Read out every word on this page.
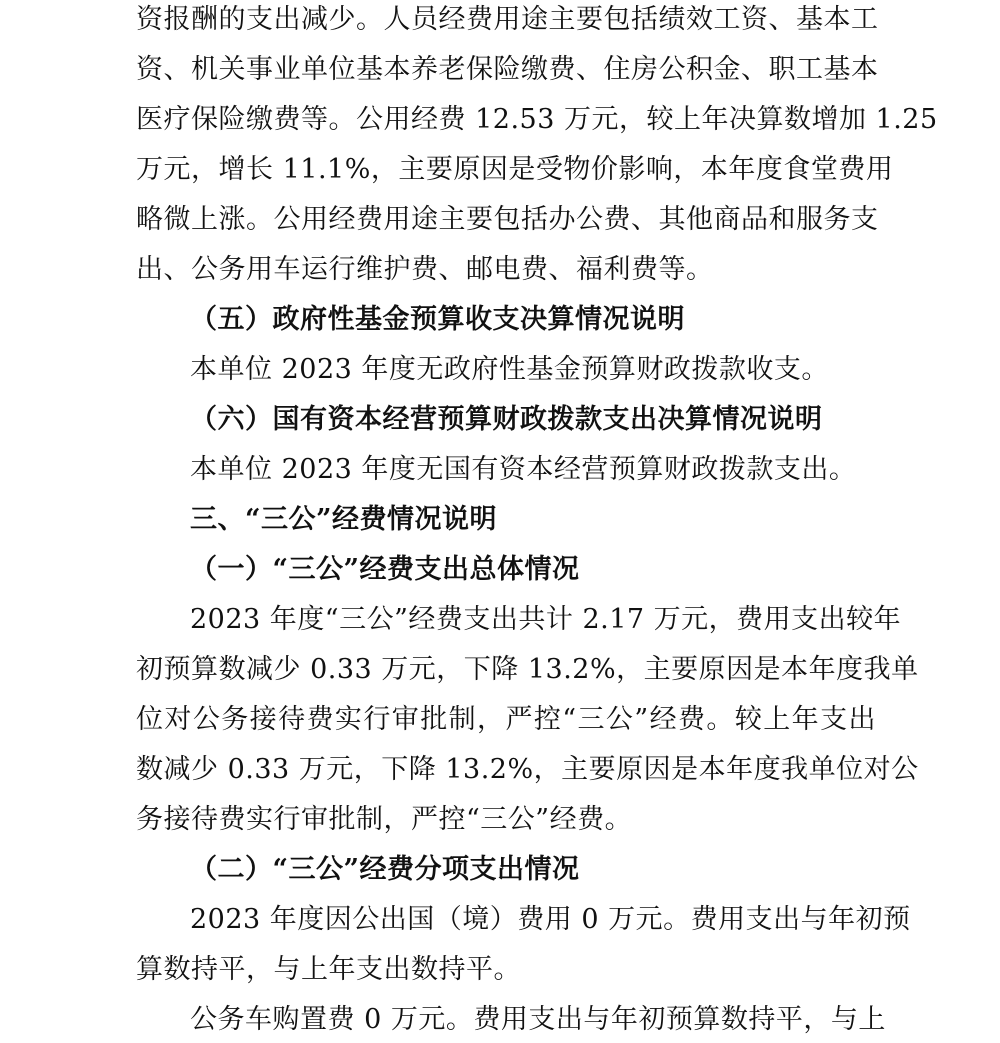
资报酬的支出减少。人员经费用途主要包括绩效工资、基本工
资、机关事业单位基本养老保险缴费、住房公积金、职工基本
医疗保险缴费等。公用经费 12.53 万元，较上年决算数增加 1.25
万元，增长 11.1%，主要原因是受物价影响，本年度食堂费用
略微上涨。公用经费用途主要包括办公费、其他商品和服务支
出、公务用车运行维护费、邮电费、福利费等。
（五）政府性基金预算收支决算情况说明
本单位 2023 年度无政府性基金预算财政拨款收支。
（六）国有资本经营预算财政拨款支出决算情况说明
本单位 2023 年度无国有资本经营预算财政拨款支出。
三、“三公”经费情况说明
（一）“三公”经费支出总体情况
2023 年度“三公”经费支出共计 2.17 万元，费用支出较年
初预算数减少 0.33 万元，下降 13.2%，主要原因是本年度我单
位对公务接待费实行审批制，严控“三公”经费。较上年支出
数减少 0.33 万元，下降 13.2%，主要原因是本年度我单位对公
务接待费实行审批制，严控“三公”经费。
（二）“三公”经费分项支出情况
2023 年度因公出国（境）费用 0 万元。费用支出与年初预
算数持平，与上年支出数持平。
公务车购置费 0 万元。费用支出与年初预算数持平，与上
